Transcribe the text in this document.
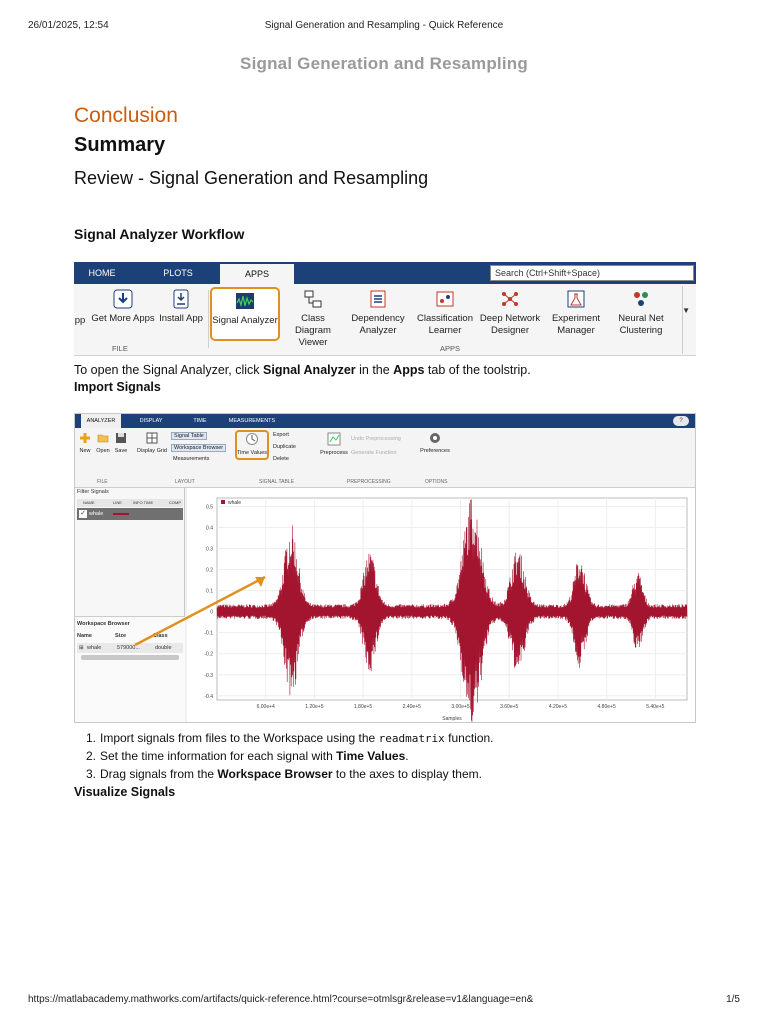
26/01/2025, 12:54	Signal Generation and Resampling - Quick Reference
Signal Generation and Resampling
Conclusion
Summary
Review - Signal Generation and Resampling
Signal Analyzer Workflow
HOME	PLOTS	APPS	Search (Ctrl+Shift+Space)
pp Get More Apps Install App
FILE
Signal Analyzer	Class Diagram
Viewer
Dependency
Analyzer
Classification
Learner
Deep Network
Designer
Experiment
Manager
Neural Net
Clustering
APPS
▼
To open the Signal Analyzer, click Signal Analyzer in the Apps tab of the toolstrip.
Import Signals
ANALYZER	DISPLAY	TIME	MEASUREMENTS	?
New	Open Save
FILE
Display Grid
Signal Table
Workspace Browser
Measurements
LAYOUT
Time Values
Export
Duplicate
Delete
SIGNAL TABLE
Preprocess
Undo Preprocessing
Generate Function
PREPROCESSING
Preferences
OPTIONS
Filter Signals
NAME	LINE	INFO TIME	COMP
✓ whale
Workspace Browser
Name	Size	Class
⊞ whale	579000...	double
0.5
0.4
0.3
0.2
0.1
0
-0.1
-0.2
-0.3
-0.4
6.00e+4	1.20e+5	1.80e+5	2.40e+5	3.00e+5	3.60e+5	4.20e+5	4.80e+5	5.40e+5
Samples
whale
1. Import signals from files to the Workspace using the readmatrix function.
2. Set the time information for each signal with Time Values.
3. Drag signals from the Workspace Browser to the axes to display them.
Visualize Signals
https://matlabacademy.mathworks.com/artifacts/quick-reference.html?course=otmlsgr&release=v1&language=en&	1/5
